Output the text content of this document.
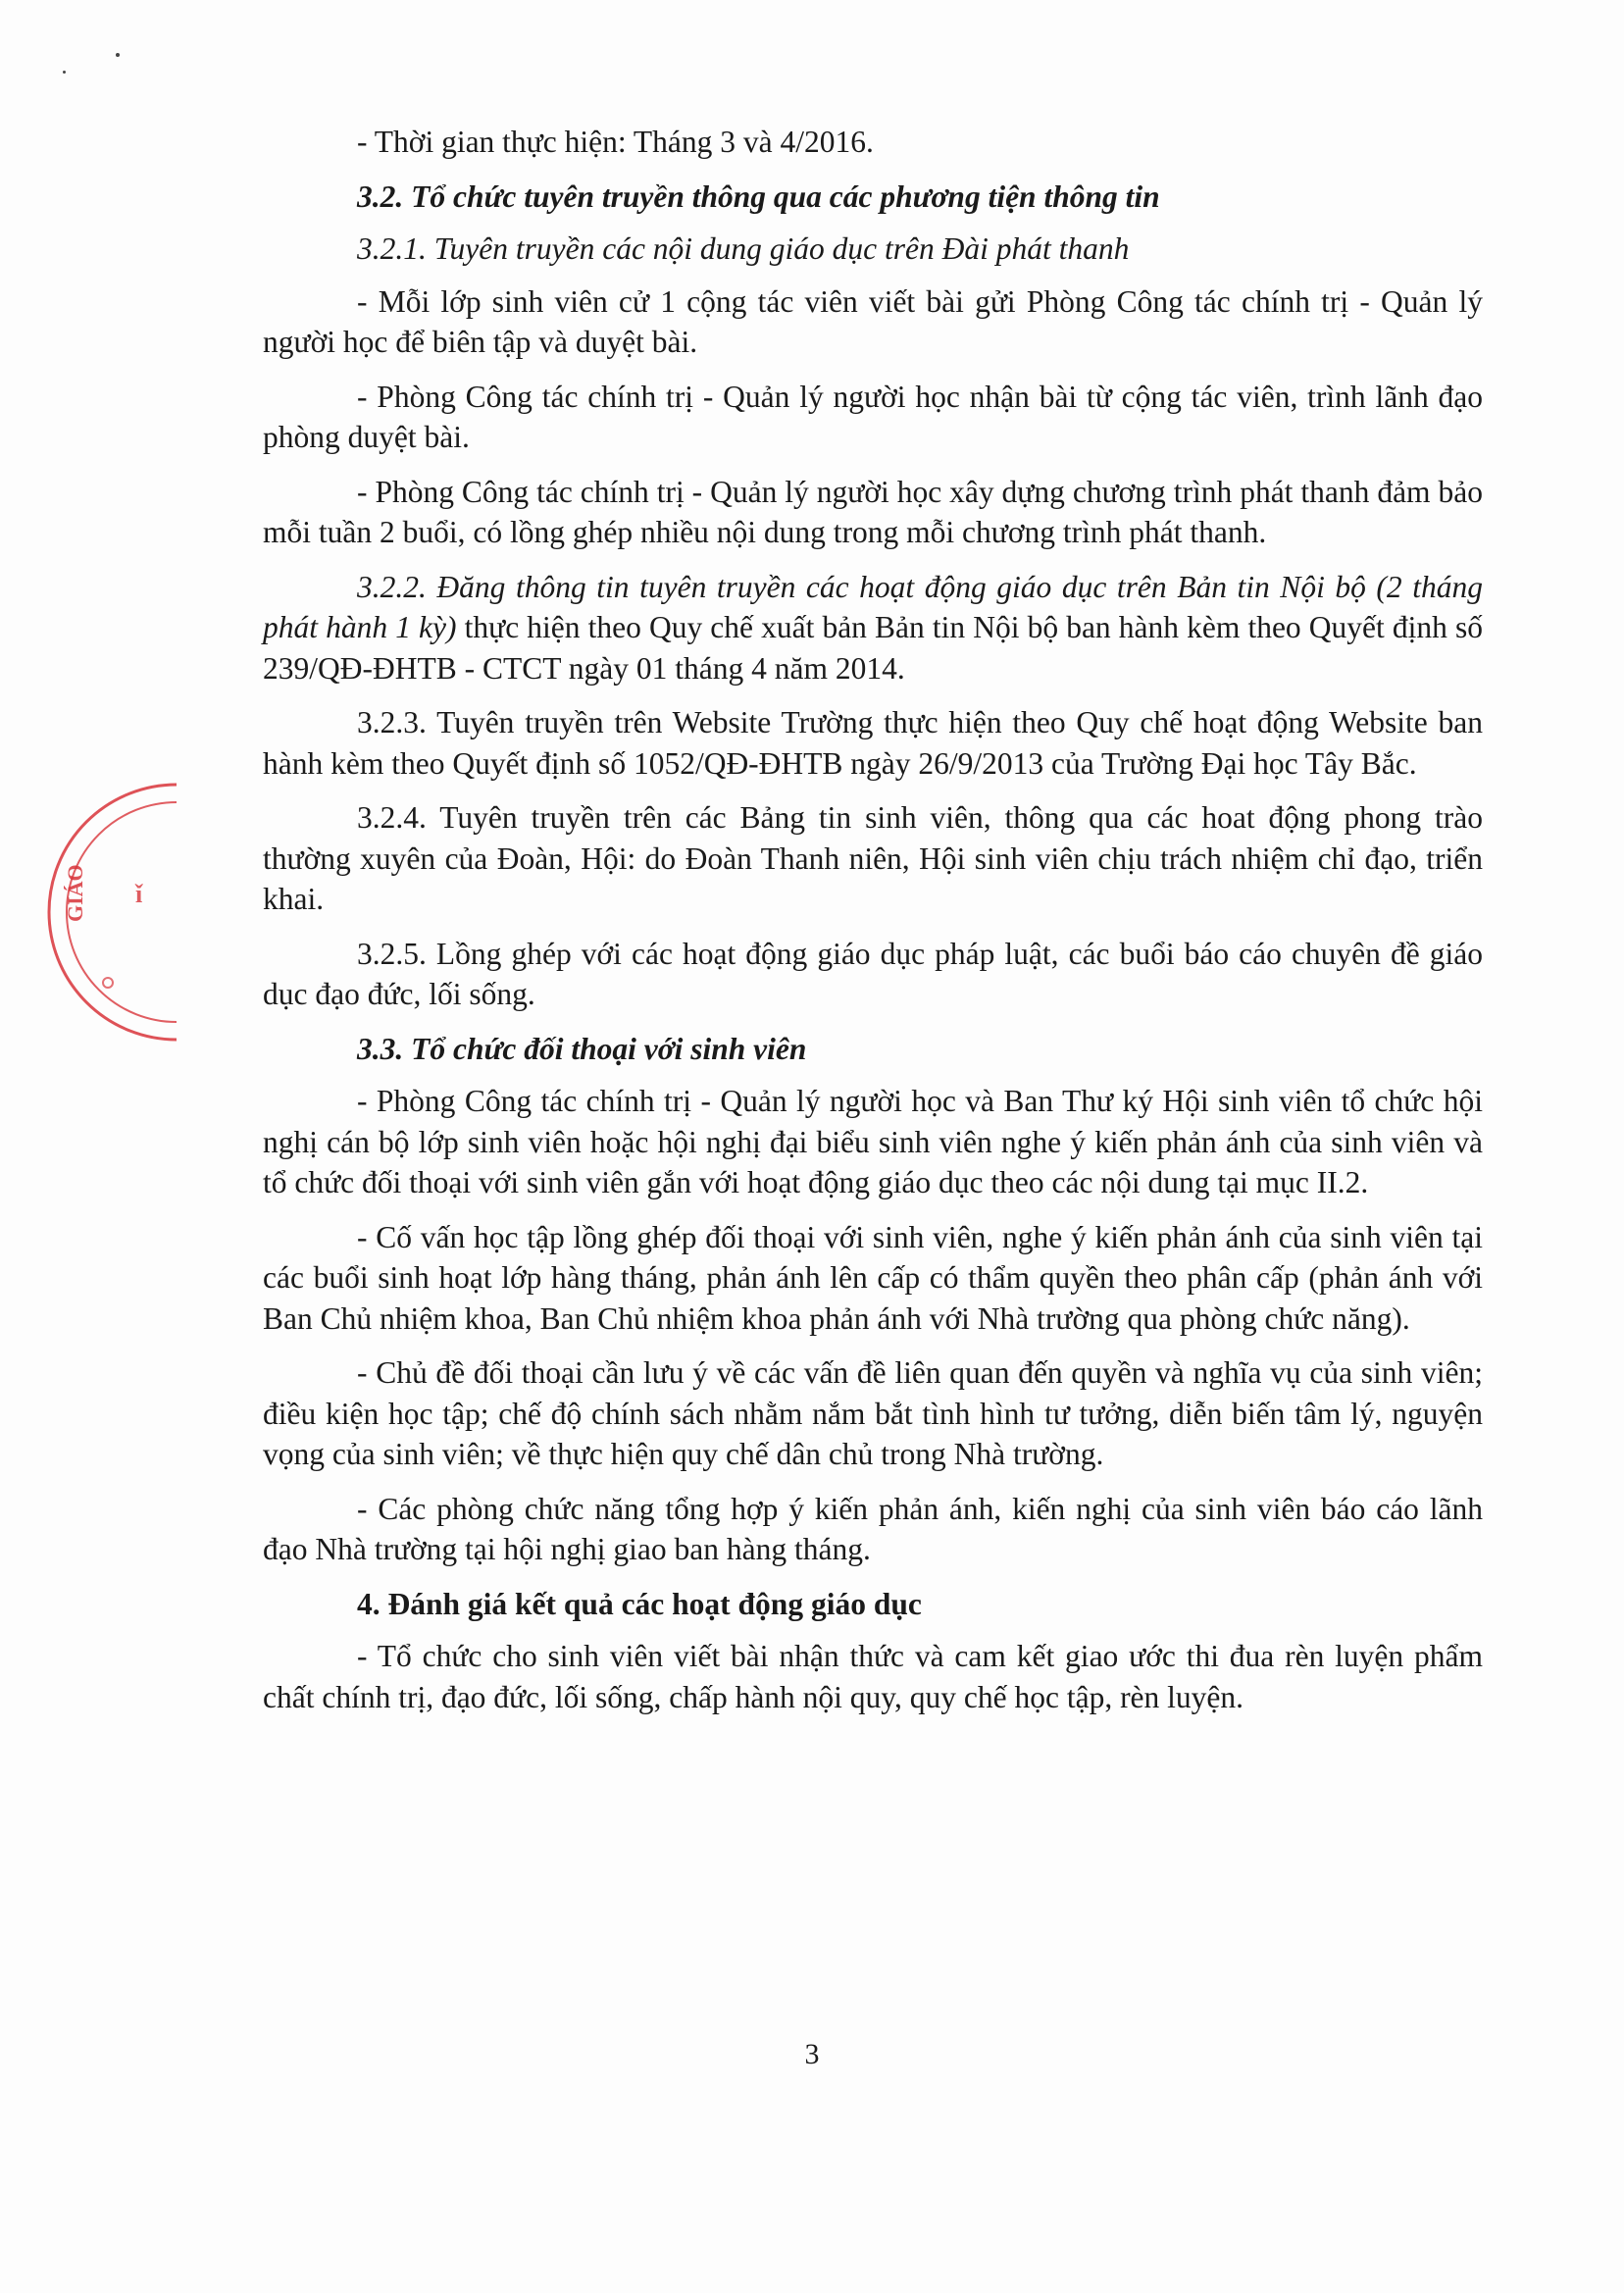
GIÁO ǐ

- Thời gian thực hiện: Tháng 3 và 4/2016.

3.2. Tổ chức tuyên truyền thông qua các phương tiện thông tin

3.2.1. Tuyên truyền các nội dung giáo dục trên Đài phát thanh

- Mỗi lớp sinh viên cử 1 cộng tác viên viết bài gửi Phòng Công tác chính trị - Quản lý người học để biên tập và duyệt bài.

- Phòng Công tác chính trị - Quản lý người học nhận bài từ cộng tác viên, trình lãnh đạo phòng duyệt bài.

- Phòng Công tác chính trị - Quản lý người học xây dựng chương trình phát thanh đảm bảo mỗi tuần 2 buổi, có lồng ghép nhiều nội dung trong mỗi chương trình phát thanh.

3.2.2. Đăng thông tin tuyên truyền các hoạt động giáo dục trên Bản tin Nội bộ (2 tháng phát hành 1 kỳ) thực hiện theo Quy chế xuất bản Bản tin Nội bộ ban hành kèm theo Quyết định số 239/QĐ-ĐHTB - CTCT ngày 01 tháng 4 năm 2014.

3.2.3. Tuyên truyền trên Website Trường thực hiện theo Quy chế hoạt động Website ban hành kèm theo Quyết định số 1052/QĐ-ĐHTB ngày 26/9/2013 của Trường Đại học Tây Bắc.

3.2.4. Tuyên truyền trên các Bảng tin sinh viên, thông qua các hoat động phong trào thường xuyên của Đoàn, Hội: do Đoàn Thanh niên, Hội sinh viên chịu trách nhiệm chỉ đạo, triển khai.

3.2.5. Lồng ghép với các hoạt động giáo dục pháp luật, các buổi báo cáo chuyên đề giáo dục đạo đức, lối sống.

3.3. Tổ chức đối thoại với sinh viên

- Phòng Công tác chính trị - Quản lý người học và Ban Thư ký Hội sinh viên tổ chức hội nghị cán bộ lớp sinh viên hoặc hội nghị đại biểu sinh viên nghe ý kiến phản ánh của sinh viên và tổ chức đối thoại với sinh viên gắn với hoạt động giáo dục theo các nội dung tại mục II.2.

- Cố vấn học tập lồng ghép đối thoại với sinh viên, nghe ý kiến phản ánh của sinh viên tại các buổi sinh hoạt lớp hàng tháng, phản ánh lên cấp có thẩm quyền theo phân cấp (phản ánh với Ban Chủ nhiệm khoa, Ban Chủ nhiệm khoa phản ánh với Nhà trường qua phòng chức năng).

- Chủ đề đối thoại cần lưu ý về các vấn đề liên quan đến quyền và nghĩa vụ của sinh viên; điều kiện học tập; chế độ chính sách nhằm nắm bắt tình hình tư tưởng, diễn biến tâm lý, nguyện vọng của sinh viên; về thực hiện quy chế dân chủ trong Nhà trường.

- Các phòng chức năng tổng hợp ý kiến phản ánh, kiến nghị của sinh viên báo cáo lãnh đạo Nhà trường tại hội nghị giao ban hàng tháng.

4. Đánh giá kết quả các hoạt động giáo dục

- Tổ chức cho sinh viên viết bài nhận thức và cam kết giao ước thi đua rèn luyện phẩm chất chính trị, đạo đức, lối sống, chấp hành nội quy, quy chế học tập, rèn luyện.

3
